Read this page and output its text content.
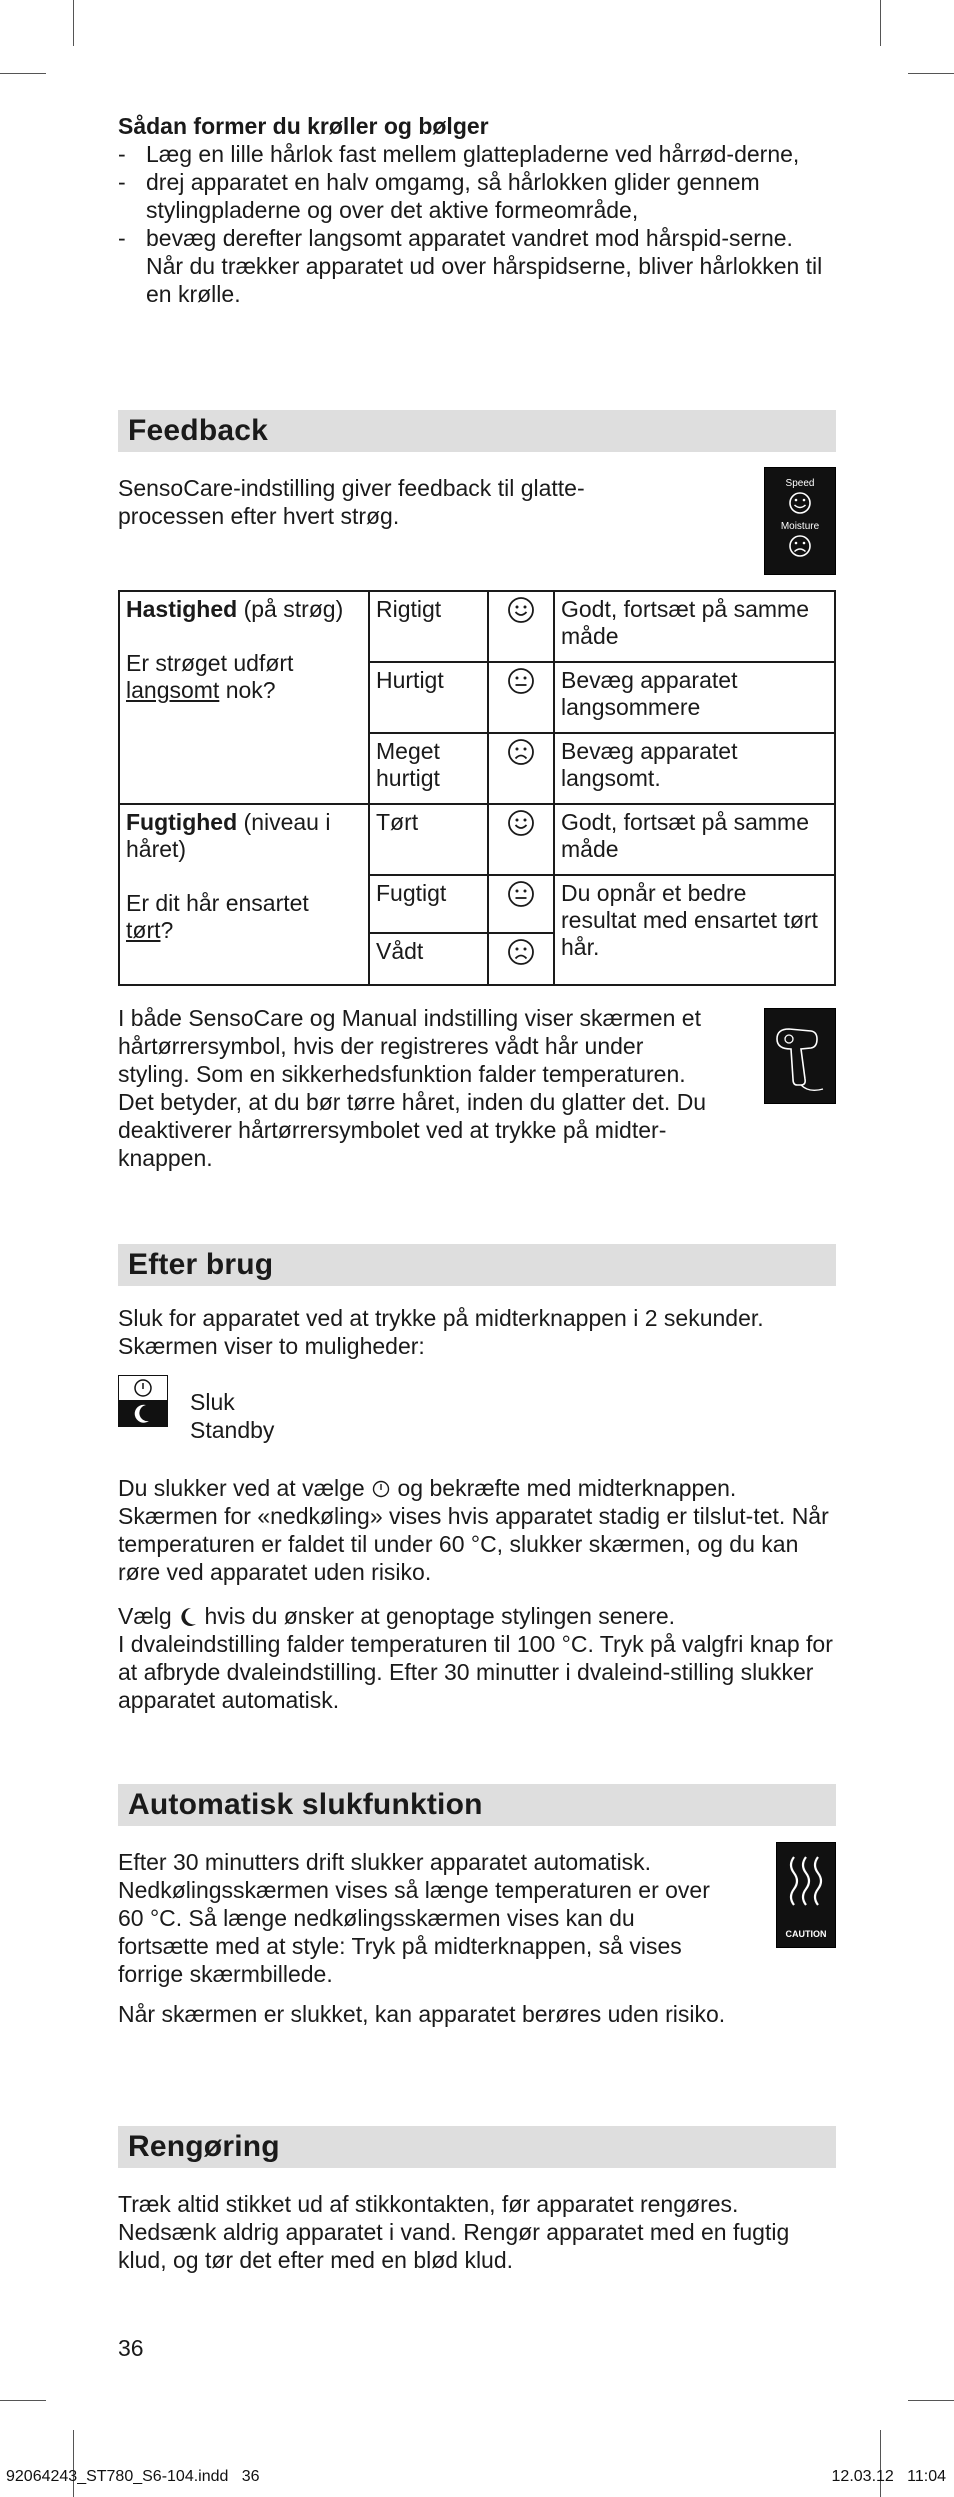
Sådan former du krøller og bølger
- Læg en lille hårlok fast mellem glattepladerne ved hårrød-derne,
- drej apparatet en halv omgamg, så hårlokken glider gennem stylingpladerne og over det aktive formeområde,
- bevæg derefter langsomt apparatet vandret mod hårspid-serne. Når du trækker apparatet ud over hårspidserne, bliver hårlokken til en krølle.
Feedback
SensoCare-indstilling giver feedback til glatte-processen efter hvert strøg.
Speed
Moisture
Hastighed (på strøg)
Er strøget udført langsomt nok?	Rigtigt		Godt, fortsæt på samme måde
	Hurtigt		Bevæg apparatet langsommere
	Meget hurtigt		Bevæg apparatet langsomt.
Fugtighed (niveau i håret)
Er dit hår ensartet tørt?	Tørt		Godt, fortsæt på samme måde
	Fugtigt		Du opnår et bedre resultat med ensartet tørt hår.
	Vådt	
I både SensoCare og Manual indstilling viser skærmen et hårtørrersymbol, hvis der registreres vådt hår under styling. Som en sikkerhedsfunktion falder temperaturen. Det betyder, at du bør tørre håret, inden du glatter det. Du deaktiverer hårtørrersymbolet ved at trykke på midter-knappen.
Efter brug
Sluk for apparatet ved at trykke på midterknappen i 2 sekunder. Skærmen viser to muligheder:
Sluk
Standby
Du slukker ved at vælge  og bekræfte med midterknappen. Skærmen for «nedkøling» vises hvis apparatet stadig er tilslut-tet. Når temperaturen er faldet til under 60 °C, slukker skærmen, og du kan røre ved apparatet uden risiko.
Vælg  hvis du ønsker at genoptage stylingen senere.
I dvaleindstilling falder temperaturen til 100 °C. Tryk på valgfri knap for at afbryde dvaleindstilling. Efter 30 minutter i dvaleind-stilling slukker apparatet automatisk.
Automatisk slukfunktion
Efter 30 minutters drift slukker apparatet automatisk. Nedkølingsskærmen vises så længe temperaturen er over 60 °C. Så længe nedkølingsskærmen vises kan du fortsætte med at style: Tryk på midterknappen, så vises forrige skærmbillede.
Når skærmen er slukket, kan apparatet berøres uden risiko.
CAUTION
Rengøring
Træk altid stikket ud af stikkontakten, før apparatet rengøres. Nedsænk aldrig apparatet i vand. Rengør apparatet med en fugtig klud, og tør det efter med en blød klud.
36
92064243_ST780_S6-104.indd   36	12.03.12   11:04
